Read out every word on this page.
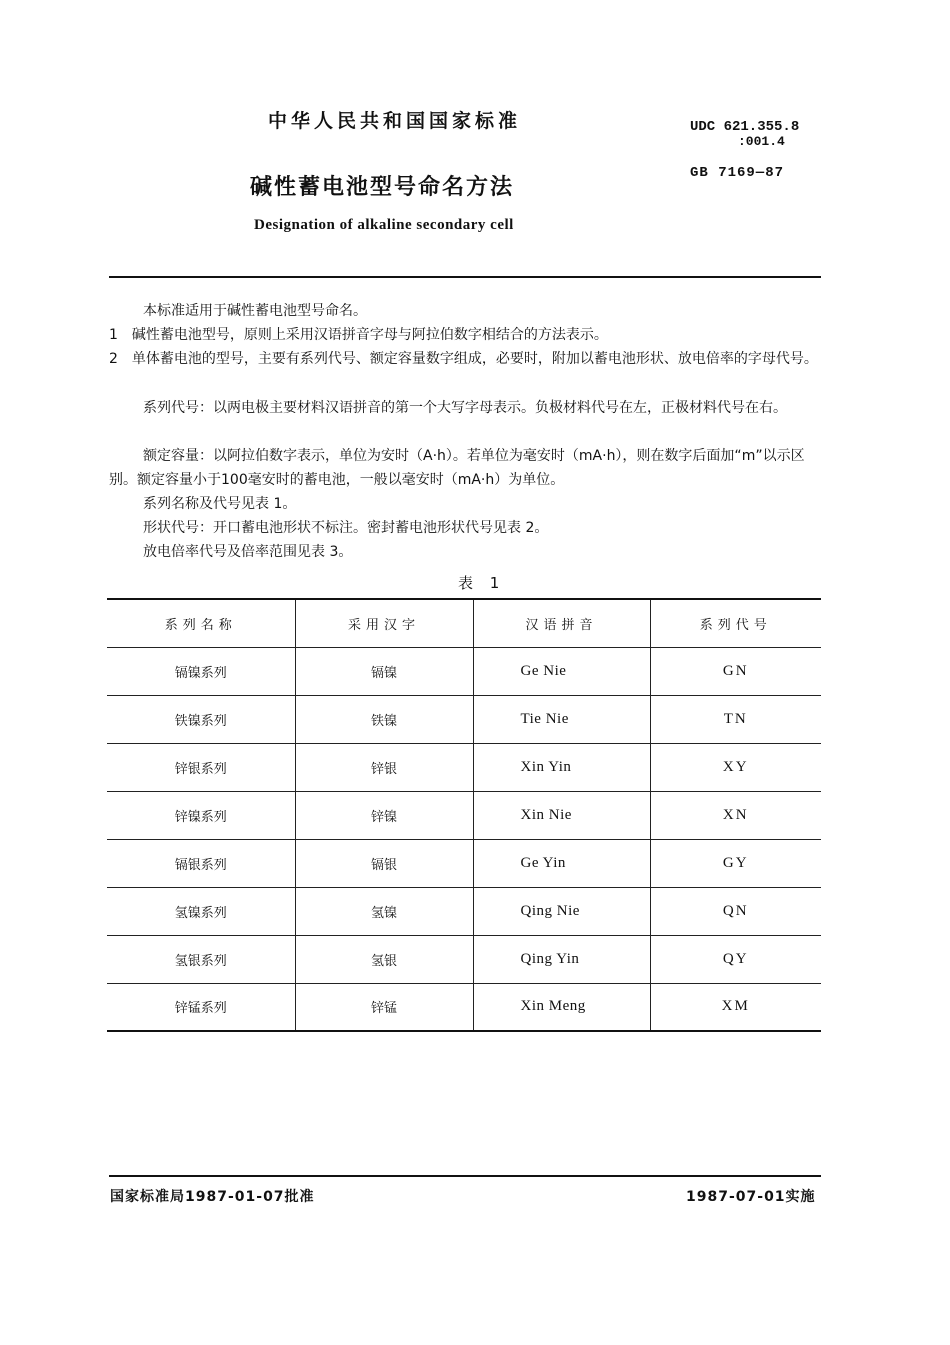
中华人民共和国国家标准	UDC 621.355.8
:001.4
碱性蓄电池型号命名方法
GB 7169—87
Designation of alkaline secondary cell
本标准适用于碱性蓄电池型号命名。
1　碱性蓄电池型号，原则上采用汉语拼音字母与阿拉伯数字相结合的方法表示。
2　单体蓄电池的型号，主要有系列代号、额定容量数字组成，必要时，附加以蓄电池形状、放电倍率的字母代号。
系列代号：以两电极主要材料汉语拼音的第一个大写字母表示。负极材料代号在左，正极材料代号在右。
额定容量：以阿拉伯数字表示，单位为安时（A·h）。若单位为毫安时（mA·h），则在数字后面加“m”以示区别。额定容量小于100毫安时的蓄电池，一般以毫安时（mA·h）为单位。
系列名称及代号见表 1。
形状代号：开口蓄电池形状不标注。密封蓄电池形状代号见表 2。
放电倍率代号及倍率范围见表 3。
表 1
系列名称	采用汉字	汉语拼音	系列代号
镉镍系列	镉镍	Ge Nie	GN
铁镍系列	铁镍	Tie Nie	TN
锌银系列	锌银	Xin Yin	XY
锌镍系列	锌镍	Xin Nie	XN
镉银系列	镉银	Ge Yin	GY
氢镍系列	氢镍	Qing Nie	QN
氢银系列	氢银	Qing Yin	QY
锌锰系列	锌锰	Xin Meng	XM
国家标准局1987-01-07批准	1987-07-01实施
